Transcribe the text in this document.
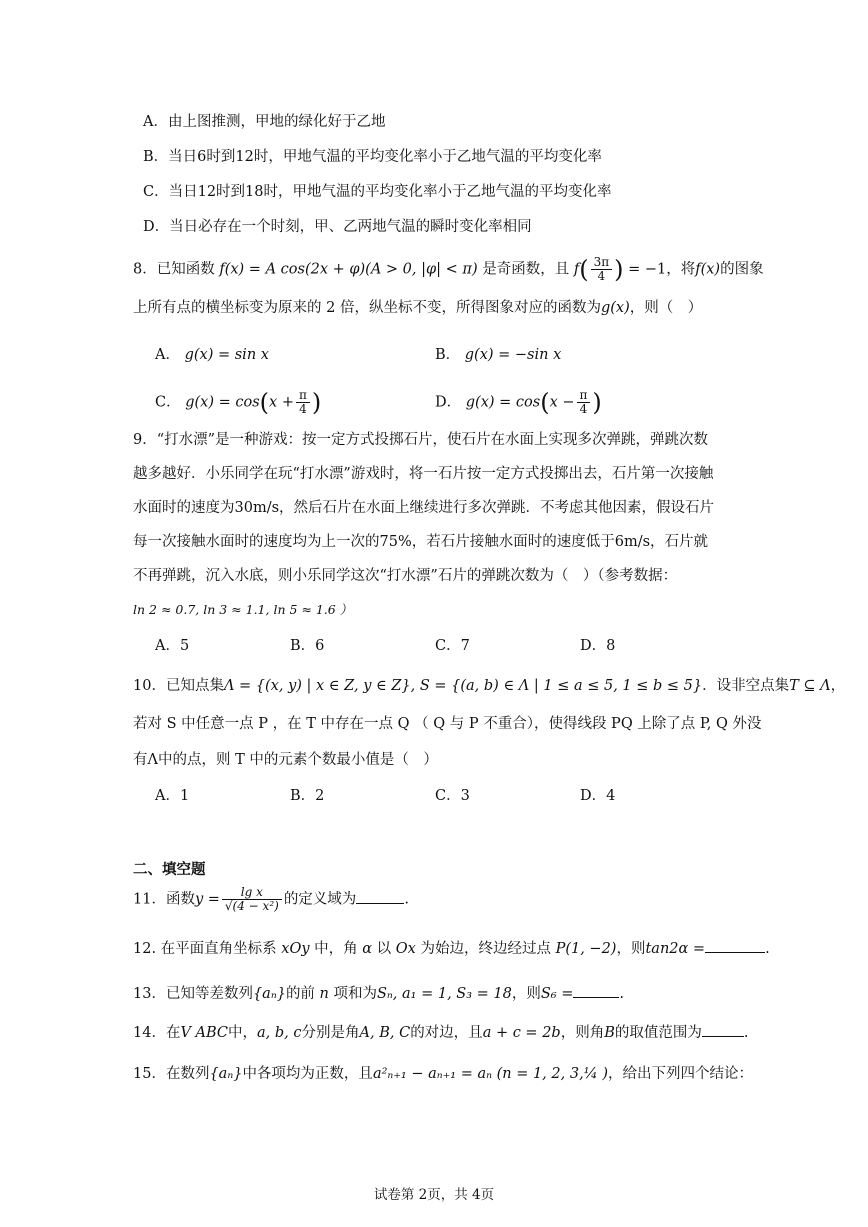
A．由上图推测，甲地的绿化好于乙地
B．当日6时到12时，甲地气温的平均变化率小于乙地气温的平均变化率
C．当日12时到18时，甲地气温的平均变化率小于乙地气温的平均变化率
D．当日必存在一个时刻，甲、乙两地气温的瞬时变化率相同
8．已知函数 f(x) = A cos(2x + φ)(A > 0, |φ| < π) 是奇函数，且 $f( \frac{3\pi}{4}$ ) = −1，将f(x)的图象
上所有点的横坐标变为原来的 2 倍，纵坐标不变，所得图象对应的函数为g(x)，则（　）
A． g(x) = sin x	B． g(x) = −sin x
C． $g(x) = \cos(x + \frac{\pi}{4}$ )	D． $g(x) = \cos(x - \frac{\pi}{4}$ )
9．“打水漂”是一种游戏：按一定方式投掷石片，使石片在水面上实现多次弹跳，弹跳次数
越多越好．小乐同学在玩“打水漂”游戏时，将一石片按一定方式投掷出去，石片第一次接触
水面时的速度为30m/s，然后石片在水面上继续进行多次弹跳．不考虑其他因素，假设石片
每一次接触水面时的速度均为上一次的75%，若石片接触水面时的速度低于6m/s，石片就
不再弹跳，沉入水底，则小乐同学这次“打水漂”石片的弹跳次数为（　）（参考数据：
ln 2 ≈ 0.7, ln 3 ≈ 1.1, ln 5 ≈ 1.6 ）
A．5	B．6	C．7	D．8
10．已知点集Λ = {(x, y) | x ∈ Z, y ∈ Z}, S = {(a, b) ∈ Λ | 1 ≤ a ≤ 5, 1 ≤ b ≤ 5}．设非空点集T ⊆ Λ，
若对 S 中任意一点 P ，在 T 中存在一点 Q （ Q 与 P 不重合），使得线段 PQ 上除了点 P, Q 外没
有Λ中的点，则 T 中的元素个数最小值是（　）
A．1	B．2	C．3	D．4
二、填空题
11．函数$y = \frac{\text{lg x}}{\text{√(4 − x²)}}$ 的定义域为	.
12. 在平面直角坐标系 xOy 中，角 α 以 Ox 为始边，终边经过点 P(1, −2)，则tan2α =	.
13．已知等差数列{aₙ}的前 n 项和为Sₙ, a₁ = 1, S₃ = 18，则S₆ =	.
14．在V ABC中，a, b, c分别是角A, B, C的对边，且a + c = 2b，则角B的取值范围为	.
15．在数列{aₙ}中各项均为正数，且a²ₙ₊₁ − aₙ₊₁ = aₙ (n = 1, 2, 3,¼ )，给出下列四个结论：
试卷第 2页，共 4页
